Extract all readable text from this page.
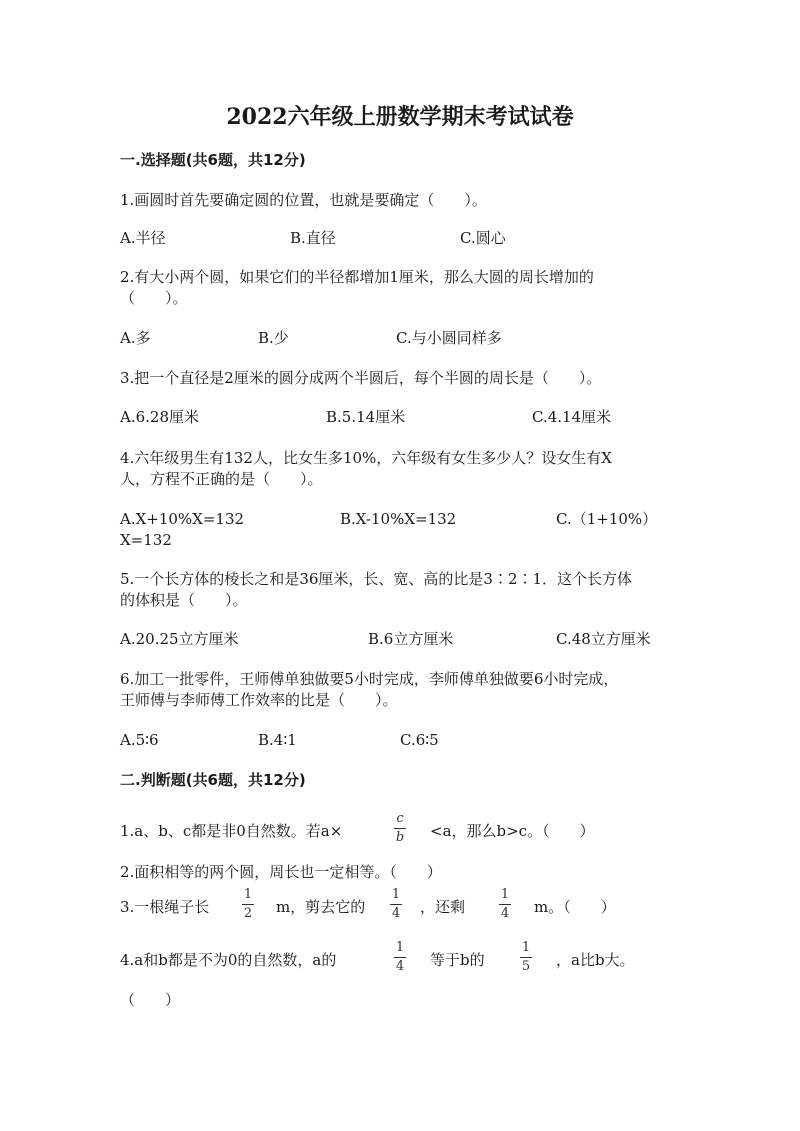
2022六年级上册数学期末考试试卷
一.选择题(共6题，共12分)
1.画圆时首先要确定圆的位置，也就是要确定（　　）。
A.半径	B.直径	C.圆心
2.有大小两个圆，如果它们的半径都增加1厘米，那么大圆的周长增加的
（　　）。
A.多	B.少	C.与小圆同样多
3.把一个直径是2厘米的圆分成两个半圆后，每个半圆的周长是（　　）。
A.6.28厘米	B.5.14厘米	C.4.14厘米
4.六年级男生有132人，比女生多10%，六年级有女生多少人？设女生有X
人，方程不正确的是（　　）。
A.X+10%X=132	B.X-10%X=132	C.（1+10%）
X=132
5.一个长方体的棱长之和是36厘米，长、宽、高的比是3∶2∶1．这个长方体
的体积是（　　）。
A.20.25立方厘米	B.6立方厘米	C.48立方厘米
6.加工一批零件，王师傅单独做要5小时完成，李师傅单独做要6小时完成，
王师傅与李师傅工作效率的比是（　　）。
A.5∶6	B.4∶1	C.6∶5
二.判断题(共6题，共12分)
1.a、b、c都是非0自然数。若a×
c
b <a，那么b>c。（　　）
2.面积相等的两个圆，周长也一定相等。（　　）
3.一根绳子长
1
2 m，剪去它的
1
4 ，还剩
1
4 m。（　　）
4.a和b都是不为0的自然数，a的
1
4 等于b的
1
5 ，a比b大。
（　　）
